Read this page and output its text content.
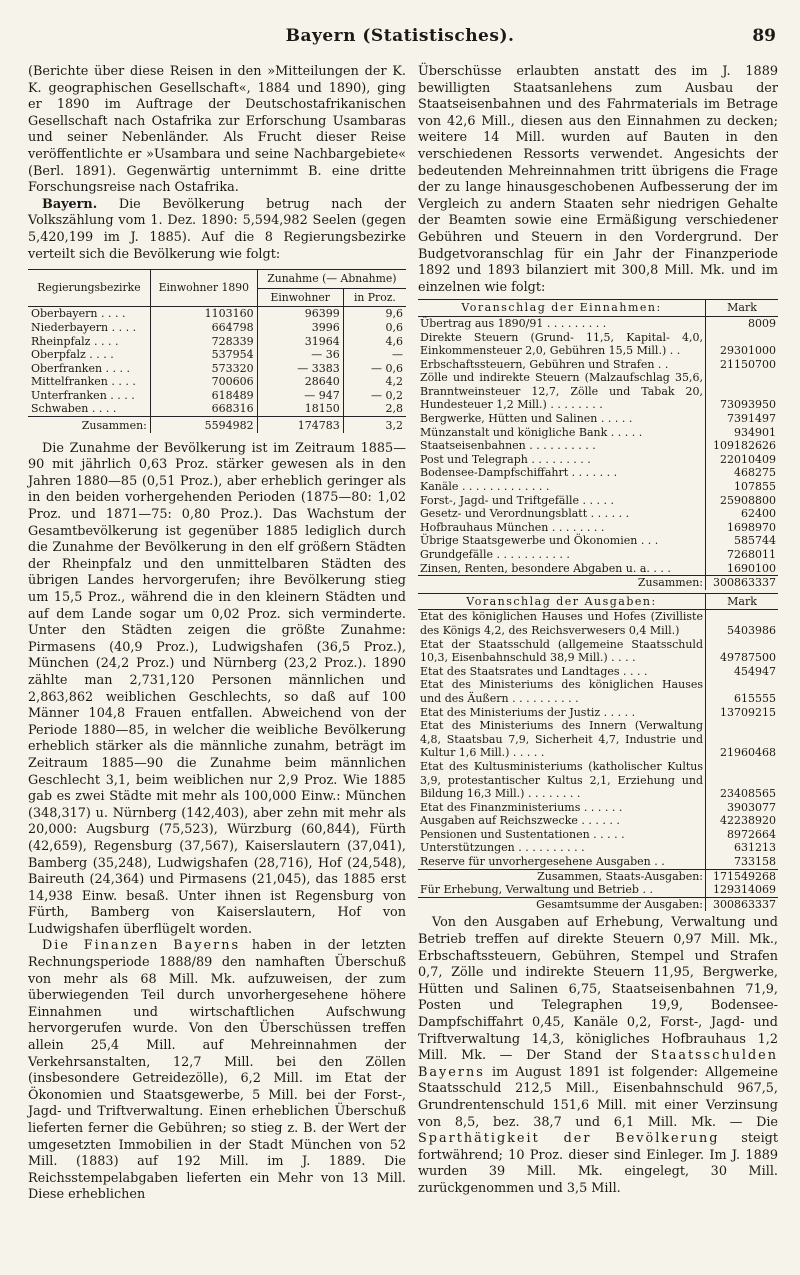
Bayern (Statistisches).	89

(Berichte über diese Reisen in den »Mitteilungen der K. K. geographischen Gesellschaft«, 1884 und 1890), ging er 1890 im Auftrage der Deutschostafrikanischen Gesellschaft nach Ostafrika zur Erforschung Usambaras und seiner Nebenländer. Als Frucht dieser Reise veröffentlichte er »Usambara und seine Nachbargebiete« (Berl. 1891). Gegenwärtig unternimmt B. eine dritte Forschungsreise nach Ostafrika.

Bayern. Die Bevölkerung betrug nach der Volkszählung vom 1. Dez. 1890: 5,594,982 Seelen (gegen 5,420,199 im J. 1885). Auf die 8 Regierungsbezirke verteilt sich die Bevölkerung wie folgt:

Regierungsbezirke	Einwohner 1890	Zunahme (— Abnahme)	
		Einwohner	in Proz.
Oberbayern . . . .	1103160	96399	9,6
Niederbayern . . . .	664798	3996	0,6
Rheinpfalz . . . .	728339	31964	4,6
Oberpfalz . . . .	537954	— 36	—
Oberfranken . . . .	573320	— 3383	— 0,6
Mittelfranken . . . .	700606	28640	4,2
Unterfranken . . . .	618489	— 947	— 0,2
Schwaben . . . .	668316	18150	2,8
Zusammen:	5594982	174783	3,2

Die Zunahme der Bevölkerung ist im Zeitraum 1885—90 mit jährlich 0,63 Proz. stärker gewesen als in den Jahren 1880—85 (0,51 Proz.), aber erheblich geringer als in den beiden vorhergehenden Perioden (1875—80: 1,02 Proz. und 1871—75: 0,80 Proz.). Das Wachstum der Gesamtbevölkerung ist gegenüber 1885 lediglich durch die Zunahme der Bevölkerung in den elf größern Städten der Rheinpfalz und den unmittelbaren Städten des übrigen Landes hervorgerufen; ihre Bevölkerung stieg um 15,5 Proz., während die in den kleinern Städten und auf dem Lande sogar um 0,02 Proz. sich verminderte. Unter den Städten zeigen die größte Zunahme: Pirmasens (40,9 Proz.), Ludwigshafen (36,5 Proz.), München (24,2 Proz.) und Nürnberg (23,2 Proz.). 1890 zählte man 2,731,120 Personen männlichen und 2,863,862 weiblichen Geschlechts, so daß auf 100 Männer 104,8 Frauen entfallen. Abweichend von der Periode 1880—85, in welcher die weibliche Bevölkerung erheblich stärker als die männliche zunahm, beträgt im Zeitraum 1885—90 die Zunahme beim männlichen Geschlecht 3,1, beim weiblichen nur 2,9 Proz. Wie 1885 gab es zwei Städte mit mehr als 100,000 Einw.: München (348,317) u. Nürnberg (142,403), aber zehn mit mehr als 20,000: Augsburg (75,523), Würzburg (60,844), Fürth (42,659), Regensburg (37,567), Kaiserslautern (37,041), Bamberg (35,248), Ludwigshafen (28,716), Hof (24,548), Baireuth (24,364) und Pirmasens (21,045), das 1885 erst 14,938 Einw. besaß. Unter ihnen ist Regensburg von Fürth, Bamberg von Kaiserslautern, Hof von Ludwigshafen überflügelt worden.

Die Finanzen Bayerns haben in der letzten Rechnungsperiode 1888/89 den namhaften Überschuß von mehr als 68 Mill. Mk. aufzuweisen, der zum überwiegenden Teil durch unvorhergesehene höhere Einnahmen und wirtschaftlichen Aufschwung hervorgerufen wurde. Von den Überschüssen treffen allein 25,4 Mill. auf Mehreinnahmen der Verkehrsanstalten, 12,7 Mill. bei den Zöllen (insbesondere Getreidezölle), 6,2 Mill. im Etat der Ökonomien und Staatsgewerbe, 5 Mill. bei der Forst-, Jagd- und Triftverwaltung. Einen erheblichen Überschuß lieferten ferner die Gebühren; so stieg z. B. der Wert der umgesetzten Immobilien in der Stadt München von 52 Mill. (1883) auf 192 Mill. im J. 1889. Die Reichsstempelabgaben lieferten ein Mehr von 13 Mill. Diese erheblichen

Überschüsse erlaubten anstatt des im J. 1889 bewilligten Staatsanlehens zum Ausbau der Staatseisenbahnen und des Fahrmaterials im Betrage von 42,6 Mill., diesen aus den Einnahmen zu decken; weitere 14 Mill. wurden auf Bauten in den verschiedenen Ressorts verwendet. Angesichts der bedeutenden Mehreinnahmen tritt übrigens die Frage der zu lange hinausgeschobenen Aufbesserung der im Vergleich zu andern Staaten sehr niedrigen Gehalte der Beamten sowie eine Ermäßigung verschiedener Gebühren und Steuern in den Vordergrund. Der Budgetvoranschlag für ein Jahr der Finanzperiode 1892 und 1893 bilanziert mit 300,8 Mill. Mk. und im einzelnen wie folgt:

Voranschlag der Einnahmen:	Mark
Übertrag aus 1890/91 . . . . . . . . .	8009
Direkte Steuern (Grund- 11,5, Kapital- 4,0, Einkommensteuer 2,0, Gebühren 15,5 Mill.) . .	29301000
Erbschaftssteuern, Gebühren und Strafen . .	21150700
Zölle und indirekte Steuern (Malzaufschlag 35,6, Branntweinsteuer 12,7, Zölle und Tabak 20, Hundesteuer 1,2 Mill.) . . . . . . . .	73093950
Bergwerke, Hütten und Salinen . . . . .	7391497
Münzanstalt und königliche Bank . . . . .	934901
Staatseisenbahnen . . . . . . . . . .	109182626
Post und Telegraph . . . . . . . . .	22010409
Bodensee-Dampfschiffahrt . . . . . . .	468275
Kanäle . . . . . . . . . . . . .	107855
Forst-, Jagd- und Triftgefälle . . . . .	25908800
Gesetz- und Verordnungsblatt . . . . . .	62400
Hofbrauhaus München . . . . . . . .	1698970
Übrige Staatsgewerbe und Ökonomien . . .	585744
Grundgefälle . . . . . . . . . . .	7268011
Zinsen, Renten, besondere Abgaben u. a. . . .	1690100
Zusammen:	300863337
Voranschlag der Ausgaben:	Mark
Etat des königlichen Hauses und Hofes (Zivilliste des Königs 4,2, des Reichsverwesers 0,4 Mill.)	5403986
Etat der Staatsschuld (allgemeine Staatsschuld 10,3, Eisenbahnschuld 38,9 Mill.) . . . .	49787500
Etat des Staatsrates und Landtages . . . .	454947
Etat des Ministeriums des königlichen Hauses und des Äußern . . . . . . . . . .	615555
Etat des Ministeriums der Justiz . . . . .	13709215
Etat des Ministeriums des Innern (Verwaltung 4,8, Staatsbau 7,9, Sicherheit 4,7, Industrie und Kultur 1,6 Mill.) . . . . .	21960468
Etat des Kultusministeriums (katholischer Kultus 3,9, protestantischer Kultus 2,1, Erziehung und Bildung 16,3 Mill.) . . . . . . . .	23408565
Etat des Finanzministeriums . . . . . .	3903077
Ausgaben auf Reichszwecke . . . . . .	42238920
Pensionen und Sustentationen . . . . .	8972664
Unterstützungen . . . . . . . . . .	631213
Reserve für unvorhergesehene Ausgaben . .	733158
Zusammen, Staats-Ausgaben:	171549268
Für Erhebung, Verwaltung und Betrieb . .	129314069
Gesamtsumme der Ausgaben:	300863337

Von den Ausgaben auf Erhebung, Verwaltung und Betrieb treffen auf direkte Steuern 0,97 Mill. Mk., Erbschaftssteuern, Gebühren, Stempel und Strafen 0,7, Zölle und indirekte Steuern 11,95, Bergwerke, Hütten und Salinen 6,75, Staatseisenbahnen 71,9, Posten und Telegraphen 19,9, Bodensee-Dampfschiffahrt 0,45, Kanäle 0,2, Forst-, Jagd- und Triftverwaltung 14,3, königliches Hofbrauhaus 1,2 Mill. Mk. — Der Stand der Staatsschulden Bayerns im August 1891 ist folgender: Allgemeine Staatsschuld 212,5 Mill., Eisenbahnschuld 967,5, Grundrentenschuld 151,6 Mill. mit einer Verzinsung von 8,5, bez. 38,7 und 6,1 Mill. Mk. — Die Sparthätigkeit der Bevölkerung steigt fortwährend; 10 Proz. dieser sind Einleger. Im J. 1889 wurden 39 Mill. Mk. eingelegt, 30 Mill. zurückgenommen und 3,5 Mill.
